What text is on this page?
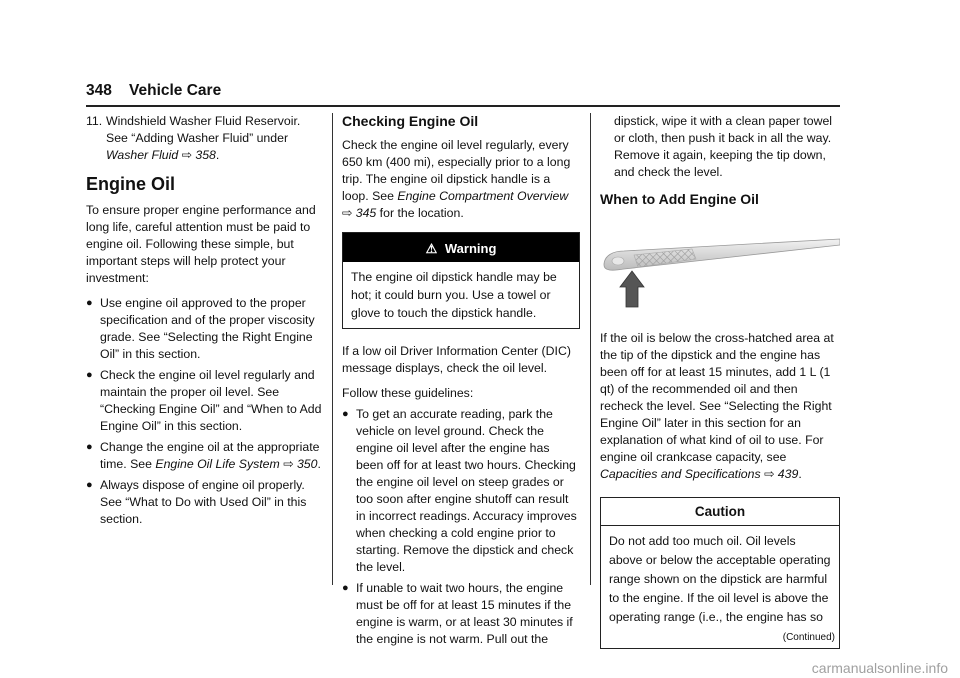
348 Vehicle Care
11. Windshield Washer Fluid Reservoir. See “Adding Washer Fluid” under Washer Fluid ⇨ 358.
Engine Oil

To ensure proper engine performance and long life, careful attention must be paid to engine oil. Following these simple, but important steps will help protect your investment:

● Use engine oil approved to the proper specification and of the proper viscosity grade. See “Selecting the Right Engine Oil” in this section.
● Check the engine oil level regularly and maintain the proper oil level. See “Checking Engine Oil” and “When to Add Engine Oil” in this section.
● Change the engine oil at the appropriate time. See Engine Oil Life System ⇨ 350.
● Always dispose of engine oil properly. See “What to Do with Used Oil” in this section.
Checking Engine Oil

Check the engine oil level regularly, every 650 km (400 mi), especially prior to a long trip. The engine oil dipstick handle is a loop. See Engine Compartment Overview ⇨ 345 for the location.

⚠ Warning
The engine oil dipstick handle may be hot; it could burn you. Use a towel or glove to touch the dipstick handle.

If a low oil Driver Information Center (DIC) message displays, check the oil level.

Follow these guidelines:

● To get an accurate reading, park the vehicle on level ground. Check the engine oil level after the engine has been off for at least two hours. Checking the engine oil level on steep grades or too soon after engine shutoff can result in incorrect readings. Accuracy improves when checking a cold engine prior to starting. Remove the dipstick and check the level.
● If unable to wait two hours, the engine must be off for at least 15 minutes if the engine is warm, or at least 30 minutes if the engine is not warm. Pull out the

dipstick, wipe it with a clean paper towel or cloth, then push it back in all the way. Remove it again, keeping the tip down, and check the level.

When to Add Engine Oil

If the oil is below the cross-hatched area at the tip of the dipstick and the engine has been off for at least 15 minutes, add 1 L (1 qt) of the recommended oil and then recheck the level. See “Selecting the Right Engine Oil” later in this section for an explanation of what kind of oil to use. For engine oil crankcase capacity, see Capacities and Specifications ⇨ 439.

Caution
Do not add too much oil. Oil levels above or below the acceptable operating range shown on the dipstick are harmful to the engine. If the oil level is above the operating range (i.e., the engine has so
(Continued)
carmanualsonline.info
